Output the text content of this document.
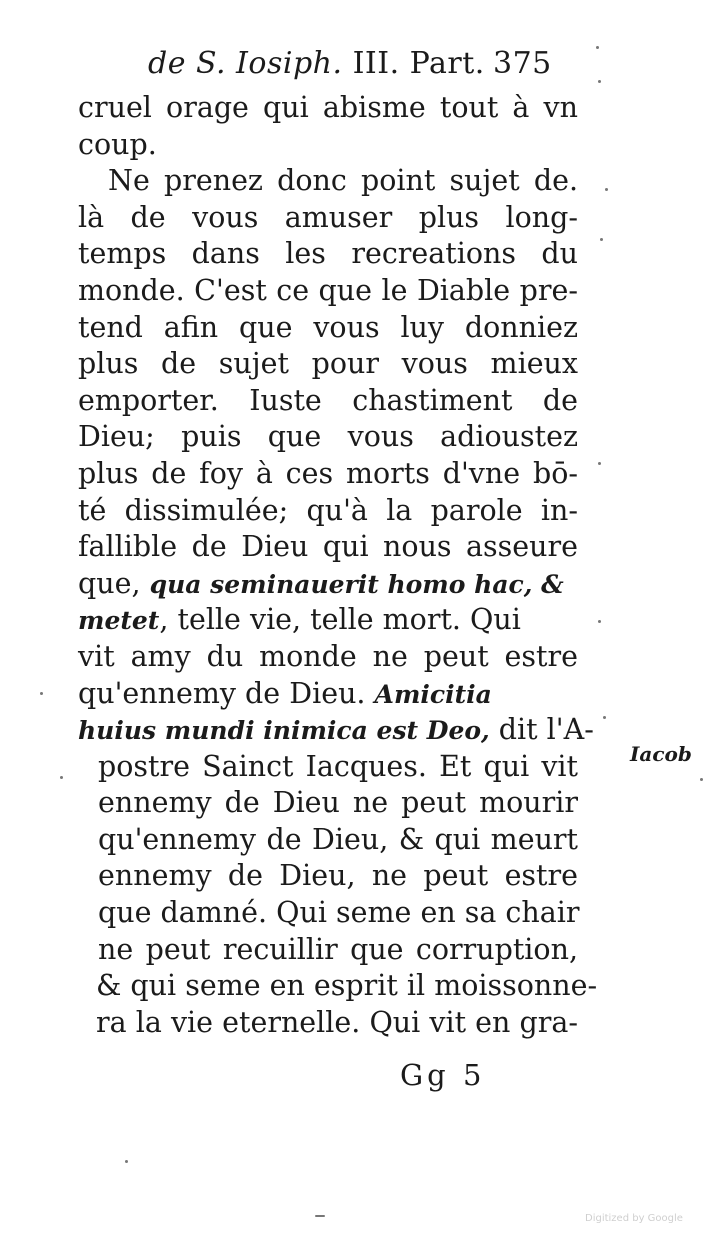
de S. Iosiph. III. Part. 375
cruel orage qui abisme tout à vn
coup.
Ne prenez donc point sujet de.
là de vous amuser plus long-
temps dans les recreations du
monde. C'est ce que le Diable pre-
tend afin que vous luy donniez
plus de sujet pour vous mieux
emporter. Iuste chastiment de
Dieu; puis que vous adioustez
plus de foy à ces morts d'vne bō-
té dissimulée; qu'à la parole in-
fallible de Dieu qui nous asseure
que, qua seminauerit homo hac, &
metet, telle vie, telle mort. Qui
vit amy du monde ne peut estre
qu'ennemy de Dieu. Amicitia
huius mundi inimica est Deo, dit l'A-
postre Sainct Iacques. Et qui vit
ennemy de Dieu ne peut mourir
qu'ennemy de Dieu, & qui meurt
ennemy de Dieu, ne peut estre
que damné. Qui seme en sa chair
ne peut recuillir que corruption,
& qui seme en esprit il moissonne-
ra la vie eternelle. Qui vit en gra-
Iacob
Gg 5
Digitized by Google
